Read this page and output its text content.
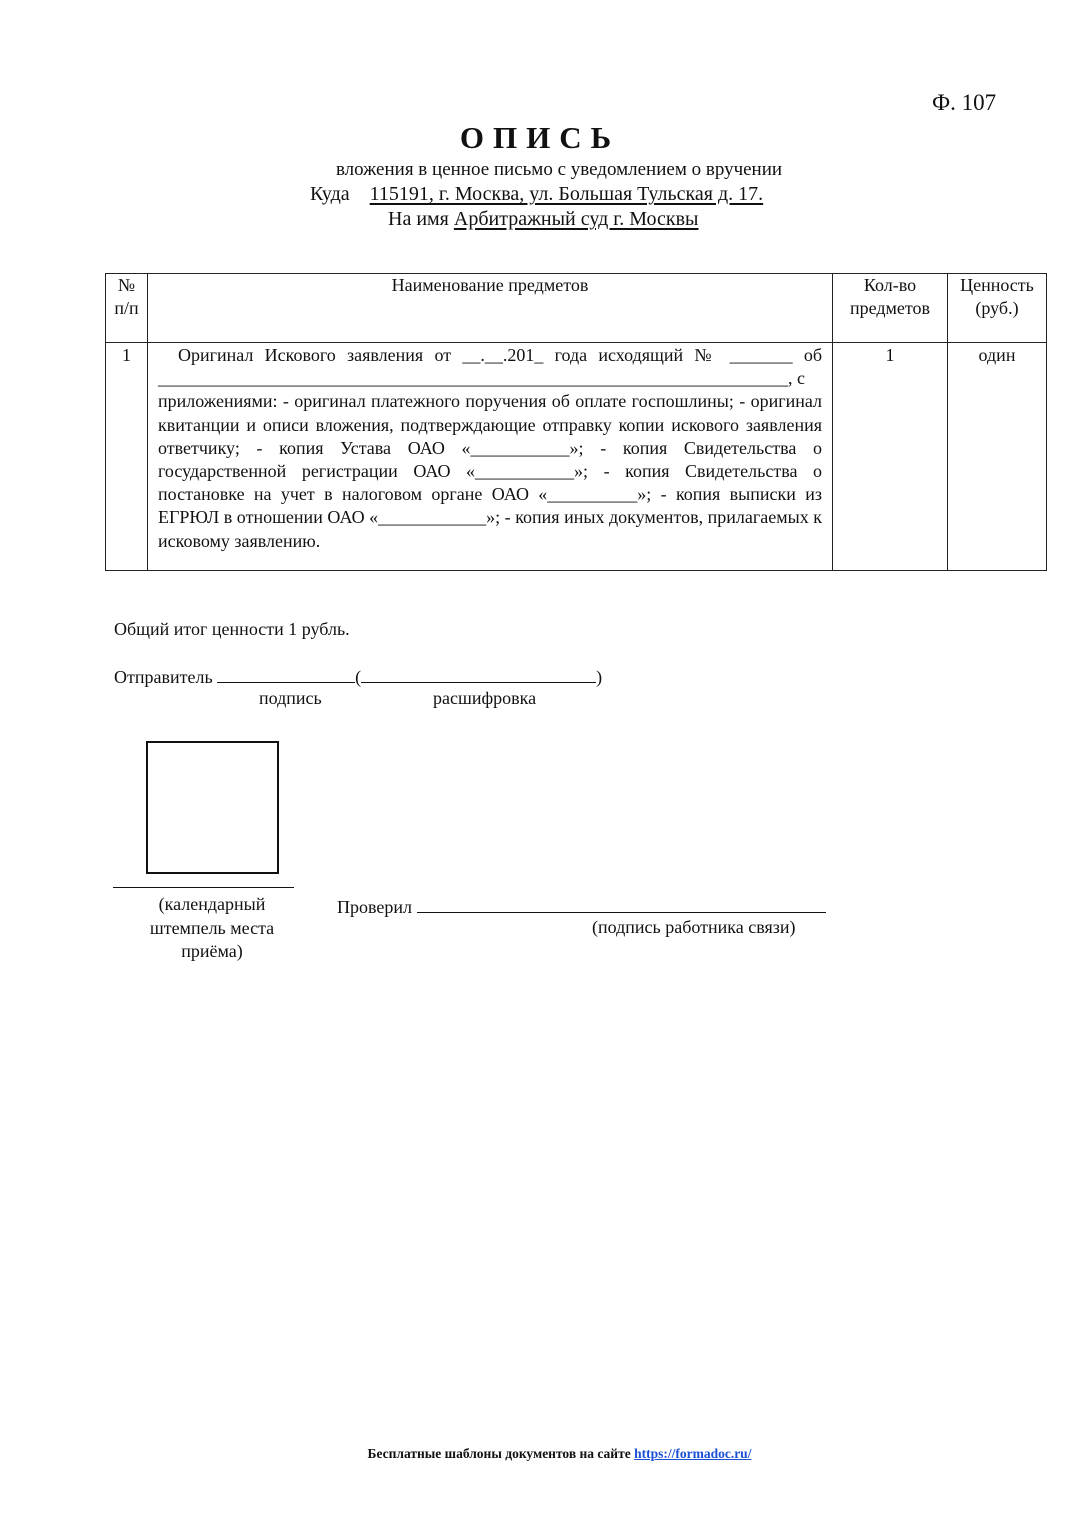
Ф. 107
ОПИСЬ
вложения в ценное письмо с уведомлением о вручении
Куда 115191, г. Москва, ул. Большая Тульская д. 17.
На имя Арбитражный суд г. Москвы
№ п/п	Наименование предметов	Кол-во предметов	Ценность (руб.)
1	Оригинал Искового заявления от __.__.201_ года исходящий № _______ об ______________________________________________________________________, с
приложениями: - оригинал платежного поручения об оплате госпошлины; - оригинал квитанции и описи вложения, подтверждающие отправку копии искового заявления ответчику; - копия Устава ОАО «___________»; - копия Свидетельства о государственной регистрации ОАО «___________»; - копия Свидетельства о постановке на учет в налоговом органе ОАО «__________»; - копия выписки из ЕГРЮЛ в отношении ОАО «____________»; - копия иных документов, прилагаемых к исковому заявлению.	1	один
Общий итог ценности 1 рубль.
Отправитель	(	)
подпись	расшифровка
(календарный штемпель места приёма)
Проверил
(подпись работника связи)
Бесплатные шаблоны документов на сайте https://formadoc.ru/
